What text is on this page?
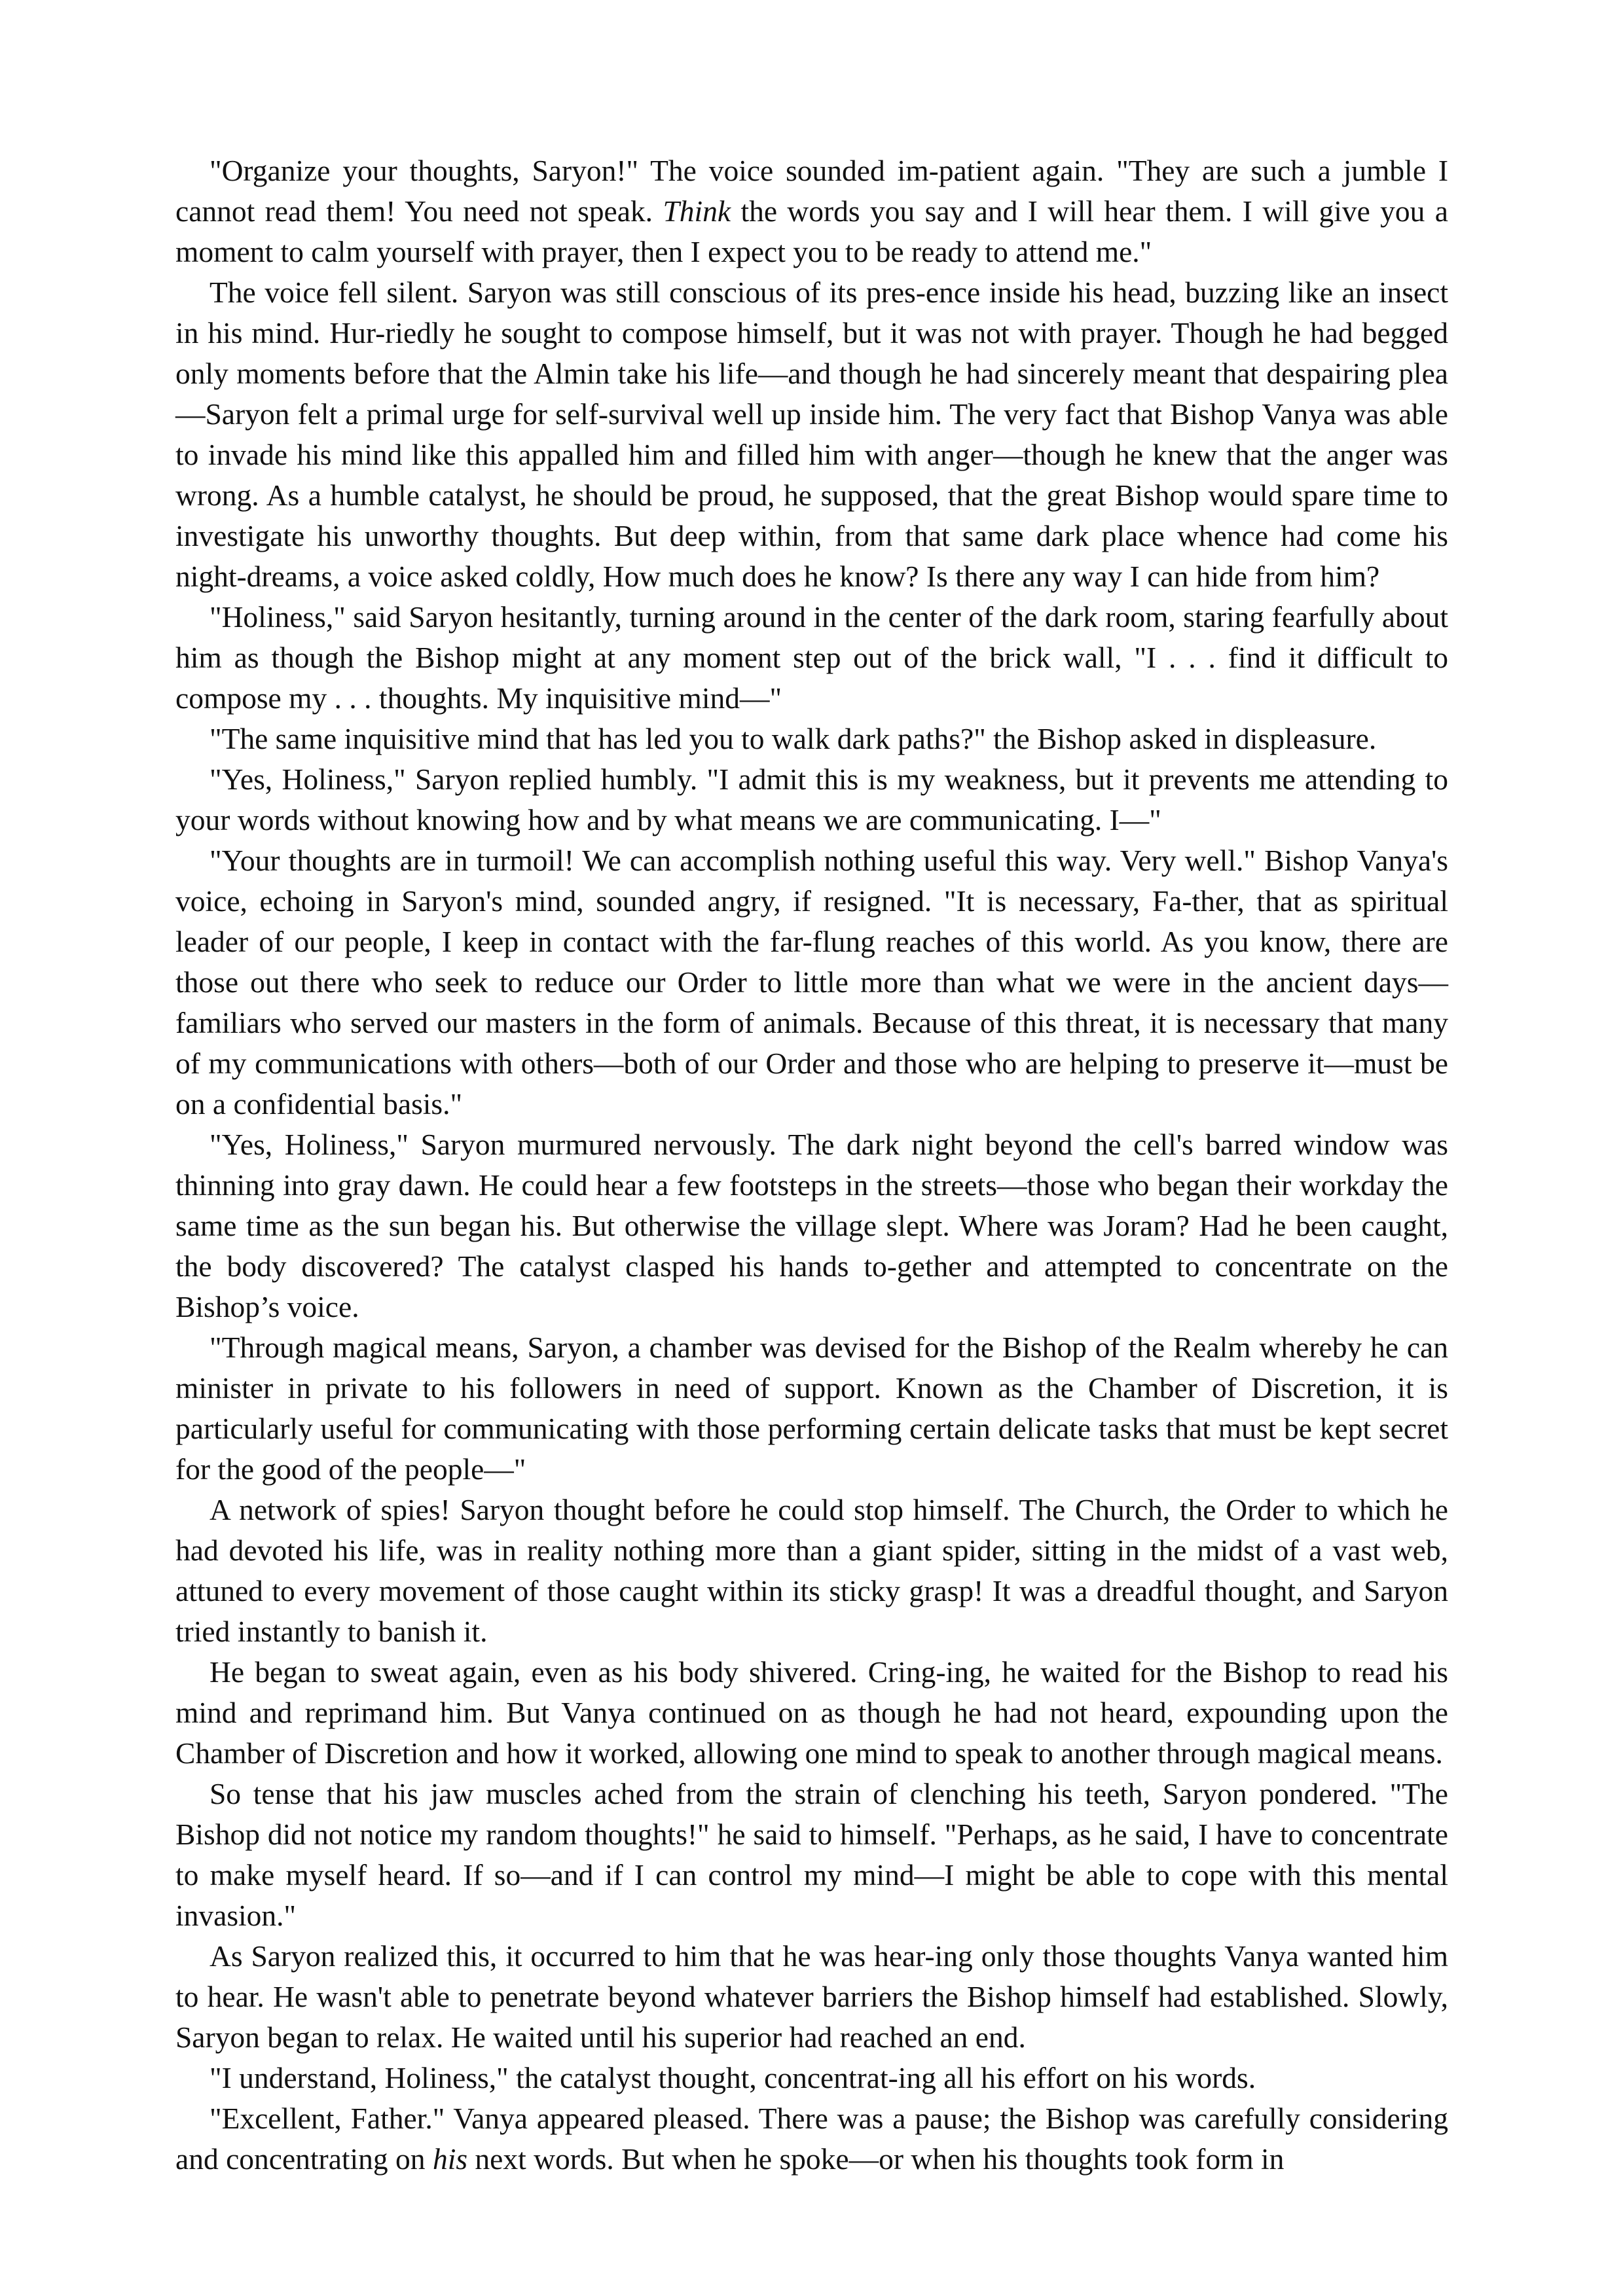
"Organize your thoughts, Saryon!" The voice sounded im-patient again. "They are such a jumble I cannot read them! You need not speak. Think the words you say and I will hear them. I will give you a moment to calm yourself with prayer, then I expect you to be ready to attend me."

The voice fell silent. Saryon was still conscious of its pres-ence inside his head, buzzing like an insect in his mind. Hur-riedly he sought to compose himself, but it was not with prayer. Though he had begged only moments before that the Almin take his life—and though he had sincerely meant that despairing plea—Saryon felt a primal urge for self-survival well up inside him. The very fact that Bishop Vanya was able to invade his mind like this appalled him and filled him with anger—though he knew that the anger was wrong. As a humble catalyst, he should be proud, he supposed, that the great Bishop would spare time to investigate his unworthy thoughts. But deep within, from that same dark place whence had come his night-dreams, a voice asked coldly, How much does he know? Is there any way I can hide from him?

"Holiness," said Saryon hesitantly, turning around in the center of the dark room, staring fearfully about him as though the Bishop might at any moment step out of the brick wall, "I . . . find it difficult to compose my . . . thoughts. My inquisitive mind—"

"The same inquisitive mind that has led you to walk dark paths?" the Bishop asked in displeasure.

"Yes, Holiness," Saryon replied humbly. "I admit this is my weakness, but it prevents me attending to your words without knowing how and by what means we are communicating. I—"

"Your thoughts are in turmoil! We can accomplish nothing useful this way. Very well." Bishop Vanya's voice, echoing in Saryon's mind, sounded angry, if resigned. "It is necessary, Fa-ther, that as spiritual leader of our people, I keep in contact with the far-flung reaches of this world. As you know, there are those out there who seek to reduce our Order to little more than what we were in the ancient days—familiars who served our masters in the form of animals. Because of this threat, it is necessary that many of my communications with others—both of our Order and those who are helping to preserve it—must be on a confidential basis."

"Yes, Holiness," Saryon murmured nervously. The dark night beyond the cell's barred window was thinning into gray dawn. He could hear a few footsteps in the streets—those who began their workday the same time as the sun began his. But otherwise the village slept. Where was Joram? Had he been caught, the body discovered? The catalyst clasped his hands to-gether and attempted to concentrate on the Bishop’s voice.

"Through magical means, Saryon, a chamber was devised for the Bishop of the Realm whereby he can minister in private to his followers in need of support. Known as the Chamber of Discretion, it is particularly useful for communicating with those performing certain delicate tasks that must be kept secret for the good of the people—"

A network of spies! Saryon thought before he could stop himself. The Church, the Order to which he had devoted his life, was in reality nothing more than a giant spider, sitting in the midst of a vast web, attuned to every movement of those caught within its sticky grasp! It was a dreadful thought, and Saryon tried instantly to banish it.

He began to sweat again, even as his body shivered. Cring-ing, he waited for the Bishop to read his mind and reprimand him. But Vanya continued on as though he had not heard, expounding upon the Chamber of Discretion and how it worked, allowing one mind to speak to another through magical means.

So tense that his jaw muscles ached from the strain of clenching his teeth, Saryon pondered. "The Bishop did not notice my random thoughts!" he said to himself. "Perhaps, as he said, I have to concentrate to make myself heard. If so—and if I can control my mind—I might be able to cope with this mental invasion."

As Saryon realized this, it occurred to him that he was hear-ing only those thoughts Vanya wanted him to hear. He wasn't able to penetrate beyond whatever barriers the Bishop himself had established. Slowly, Saryon began to relax. He waited until his superior had reached an end.

"I understand, Holiness," the catalyst thought, concentrat-ing all his effort on his words.

"Excellent, Father." Vanya appeared pleased. There was a pause; the Bishop was carefully considering and concentrating on his next words. But when he spoke—or when his thoughts took form in
